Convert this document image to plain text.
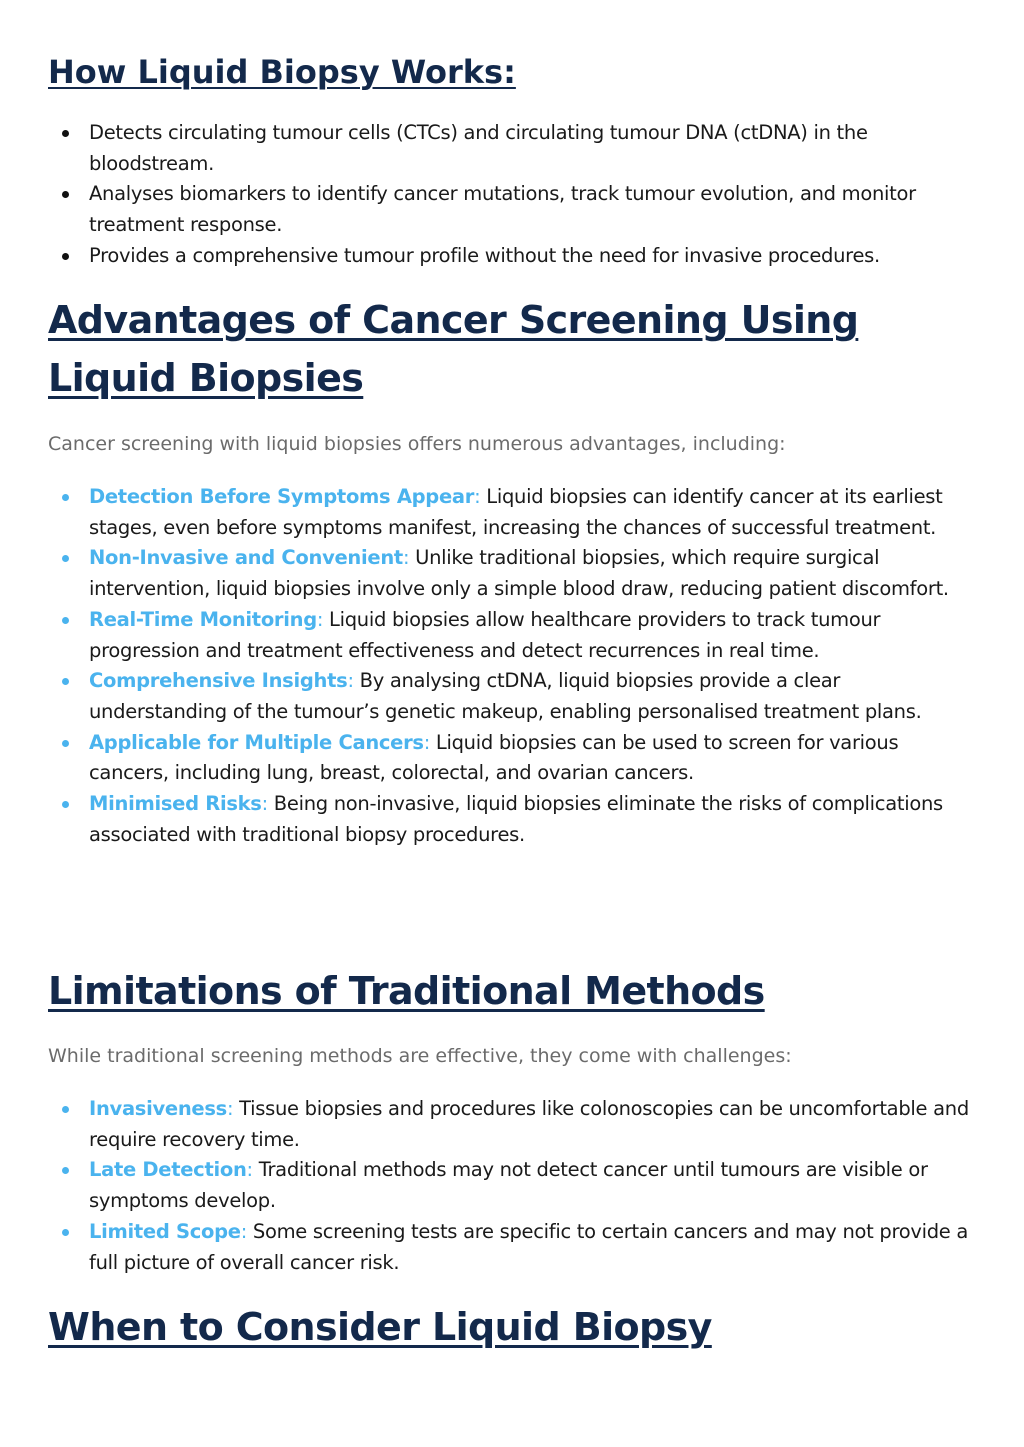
How Liquid Biopsy Works:
Detects circulating tumour cells (CTCs) and circulating tumour DNA (ctDNA) in the bloodstream.
Analyses biomarkers to identify cancer mutations, track tumour evolution, and monitor treatment response.
Provides a comprehensive tumour profile without the need for invasive procedures.
Advantages of Cancer Screening Using Liquid Biopsies

Cancer screening with liquid biopsies offers numerous advantages, including:

Detection Before Symptoms Appear: Liquid biopsies can identify cancer at its earliest stages, even before symptoms manifest, increasing the chances of successful treatment.
Non-Invasive and Convenient: Unlike traditional biopsies, which require surgical intervention, liquid biopsies involve only a simple blood draw, reducing patient discomfort.
Real-Time Monitoring: Liquid biopsies allow healthcare providers to track tumour progression and treatment effectiveness and detect recurrences in real time.
Comprehensive Insights: By analysing ctDNA, liquid biopsies provide a clear understanding of the tumour’s genetic makeup, enabling personalised treatment plans.
Applicable for Multiple Cancers: Liquid biopsies can be used to screen for various cancers, including lung, breast, colorectal, and ovarian cancers.
Minimised Risks: Being non-invasive, liquid biopsies eliminate the risks of complications associated with traditional biopsy procedures.
Limitations of Traditional Methods

While traditional screening methods are effective, they come with challenges:

Invasiveness: Tissue biopsies and procedures like colonoscopies can be uncomfortable and require recovery time.
Late Detection: Traditional methods may not detect cancer until tumours are visible or symptoms develop.
Limited Scope: Some screening tests are specific to certain cancers and may not provide a full picture of overall cancer risk.
When to Consider Liquid Biopsy
